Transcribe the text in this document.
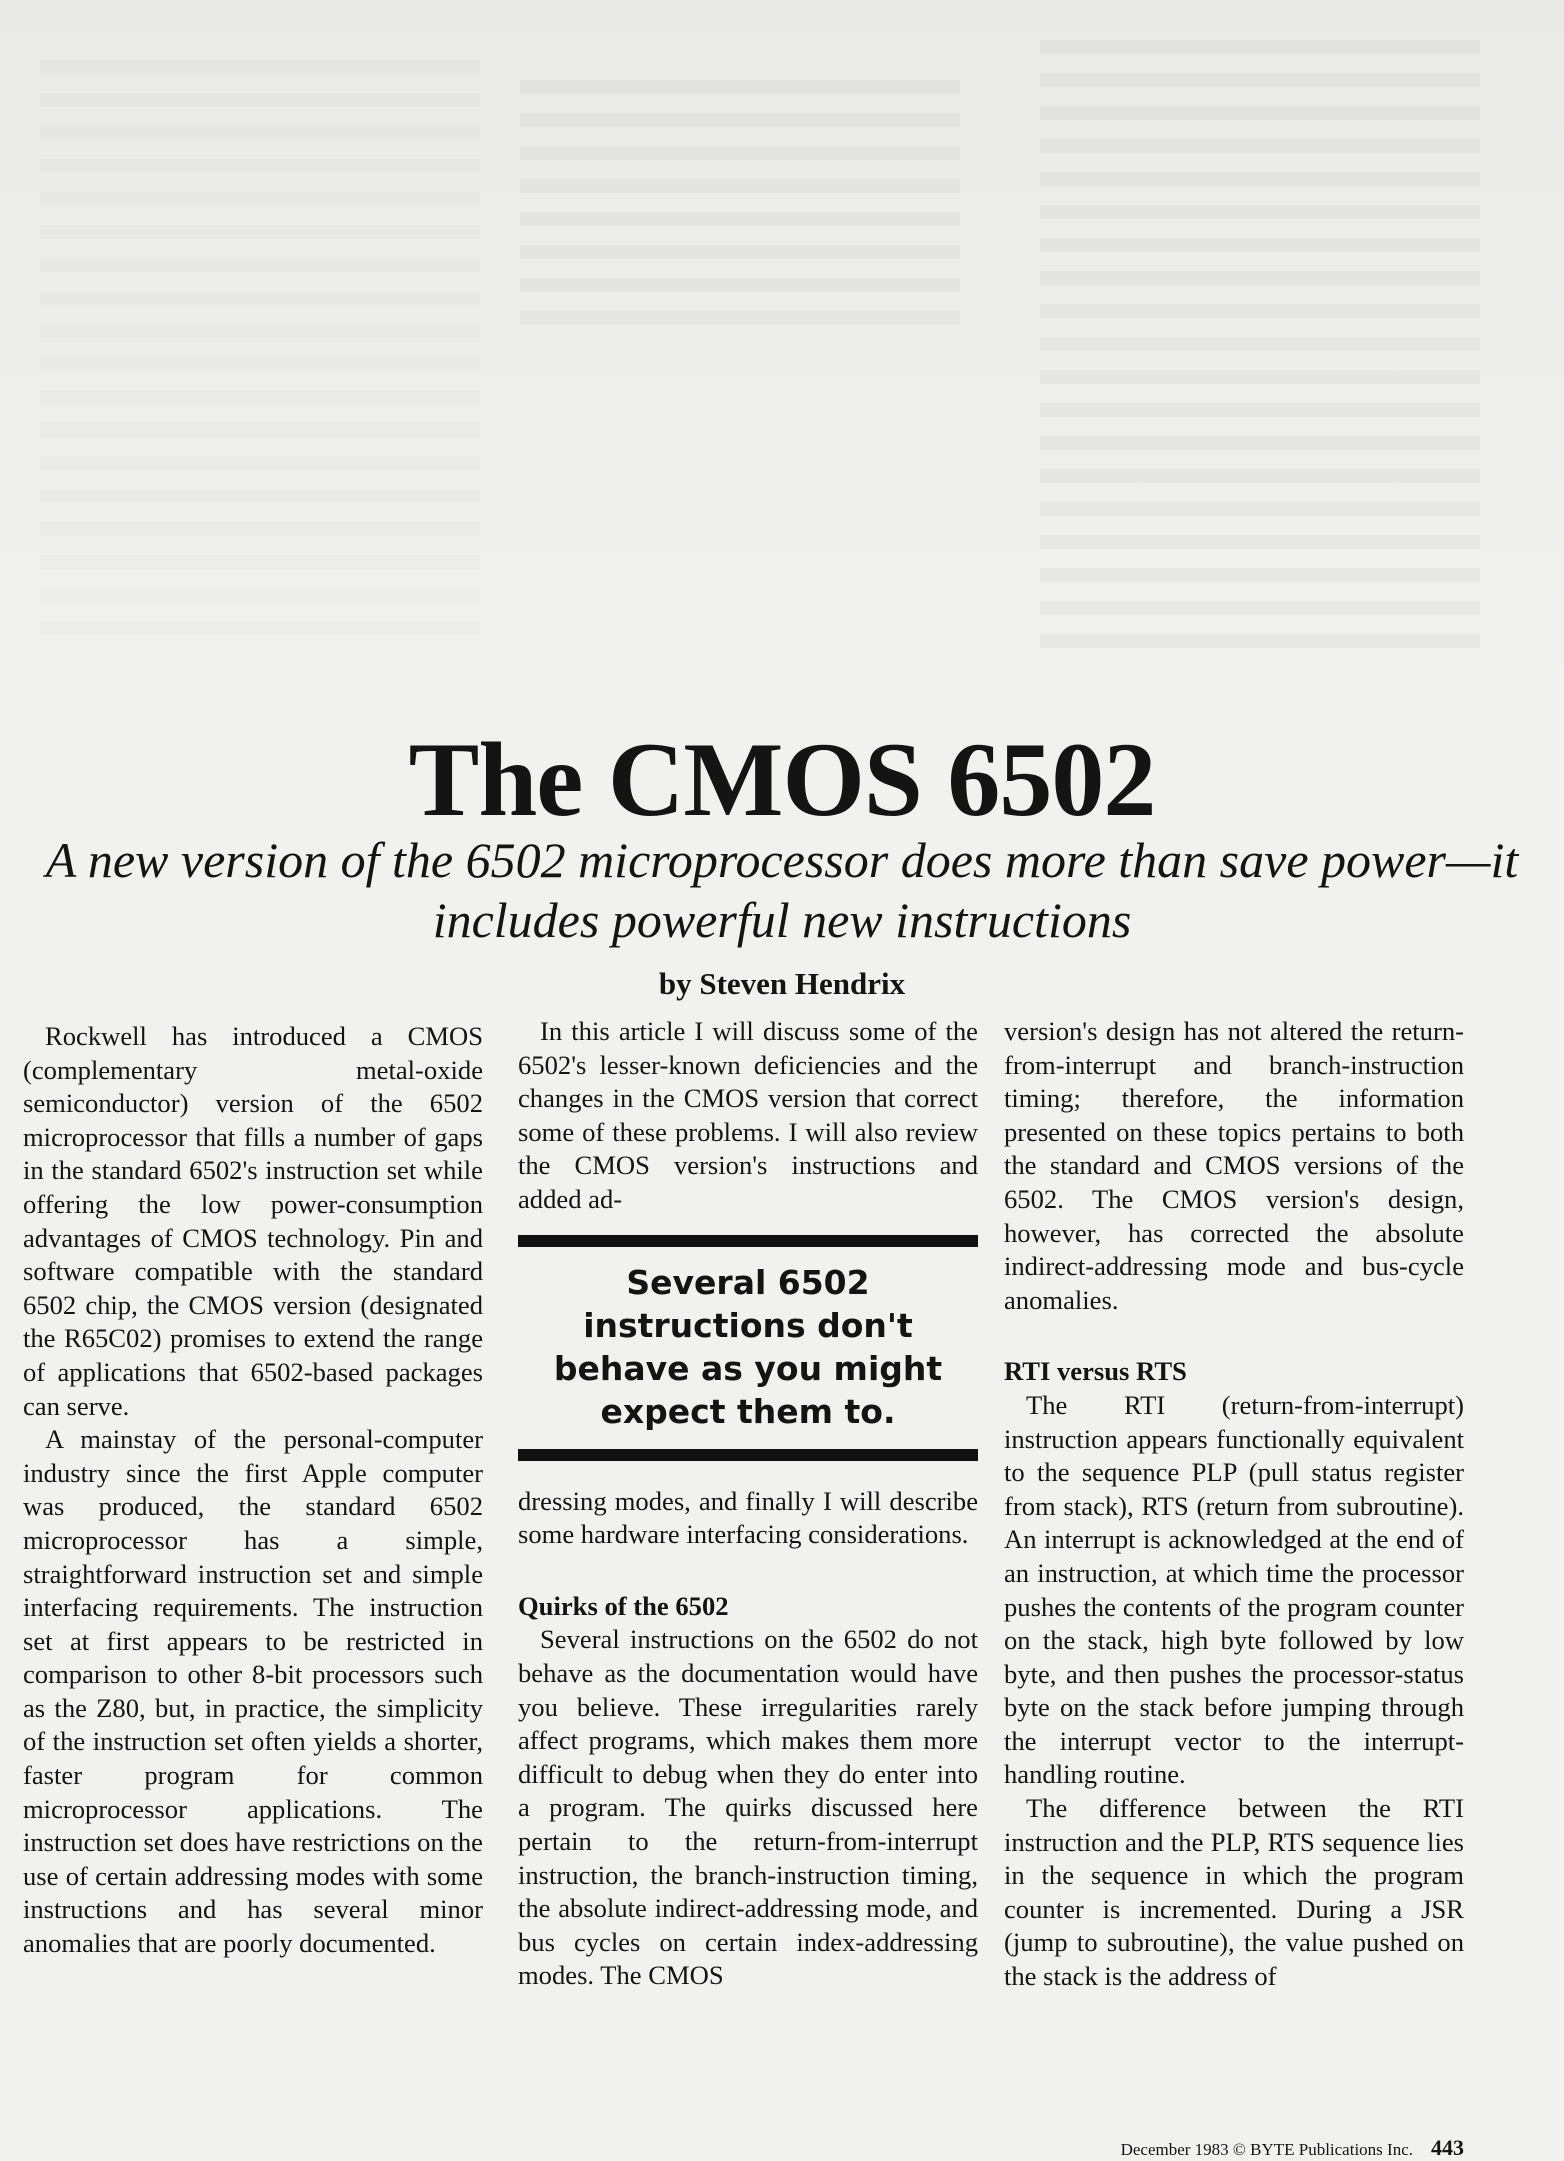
The CMOS 6502

A new version of the 6502 microprocessor does more than save power—it includes powerful new instructions

by Steven Hendrix

Rockwell has introduced a CMOS (complementary metal-oxide semiconductor) version of the 6502 microprocessor that fills a number of gaps in the standard 6502's instruction set while offering the low power-consumption advantages of CMOS technology. Pin and software compatible with the standard 6502 chip, the CMOS version (designated the R65C02) promises to extend the range of applications that 6502-based packages can serve.

A mainstay of the personal-computer industry since the first Apple computer was produced, the standard 6502 microprocessor has a simple, straightforward instruction set and simple interfacing requirements. The instruction set at first appears to be restricted in comparison to other 8-bit processors such as the Z80, but, in practice, the simplicity of the instruction set often yields a shorter, faster program for common microprocessor applications. The instruction set does have restrictions on the use of certain addressing modes with some instructions and has several minor anomalies that are poorly documented.

In this article I will discuss some of the 6502's lesser-known deficiencies and the changes in the CMOS version that correct some of these problems. I will also review the CMOS version's instructions and added ad-

Several 6502 instructions don't behave as you might expect them to.

dressing modes, and finally I will describe some hardware interfacing considerations.

Quirks of the 6502

Several instructions on the 6502 do not behave as the documentation would have you believe. These irregularities rarely affect programs, which makes them more difficult to debug when they do enter into a program. The quirks discussed here pertain to the return-from-interrupt instruction, the branch-instruction timing, the absolute indirect-addressing mode, and bus cycles on certain index-addressing modes. The CMOS

version's design has not altered the return-from-interrupt and branch-instruction timing; therefore, the information presented on these topics pertains to both the standard and CMOS versions of the 6502. The CMOS version's design, however, has corrected the absolute indirect-addressing mode and bus-cycle anomalies.

RTI versus RTS

The RTI (return-from-interrupt) instruction appears functionally equivalent to the sequence PLP (pull status register from stack), RTS (return from subroutine). An interrupt is acknowledged at the end of an instruction, at which time the processor pushes the contents of the program counter on the stack, high byte followed by low byte, and then pushes the processor-status byte on the stack before jumping through the interrupt vector to the interrupt-handling routine.

The difference between the RTI instruction and the PLP, RTS sequence lies in the sequence in which the program counter is incremented. During a JSR (jump to subroutine), the value pushed on the stack is the address of

December 1983 © BYTE Publications Inc. 443
